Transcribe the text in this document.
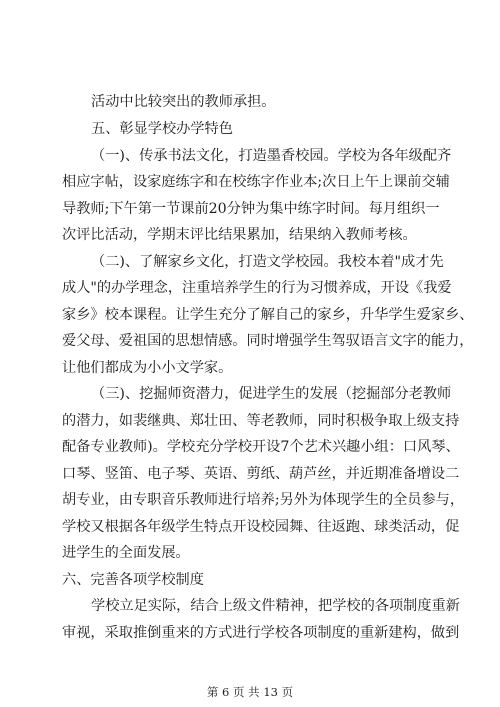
活动中比较突出的教师承担。
五、彰显学校办学特色
（一)、传承书法文化，打造墨香校园。学校为各年级配齐
相应字帖，设家庭练字和在校练字作业本;次日上午上课前交辅
导教师;下午第一节课前20分钟为集中练字时间。每月组织一
次评比活动，学期末评比结果累加，结果纳入教师考核。
（二)、了解家乡文化，打造文学校园。我校本着"成才先
成人"的办学理念，注重培养学生的行为习惯养成，开设《我爱
家乡》校本课程。让学生充分了解自己的家乡，升华学生爱家乡、
爱父母、爱祖国的思想情感。同时增强学生驾驭语言文字的能力，
让他们都成为小小文学家。
（三)、挖掘师资潜力，促进学生的发展（挖掘部分老教师
的潜力，如裴继典、郑壮田、等老教师，同时积极争取上级支持
配备专业教师)。学校充分学校开设7个艺术兴趣小组：口风琴、
口琴、竖笛、电子琴、英语、剪纸、葫芦丝，并近期准备增设二
胡专业，由专职音乐教师进行培养;另外为体现学生的全员参与，
学校又根据各年级学生特点开设校园舞、往返跑、球类活动，促
进学生的全面发展。
六、完善各项学校制度
学校立足实际，结合上级文件精神，把学校的各项制度重新
审视，采取推倒重来的方式进行学校各项制度的重新建构，做到
第 6 页 共 13 页
